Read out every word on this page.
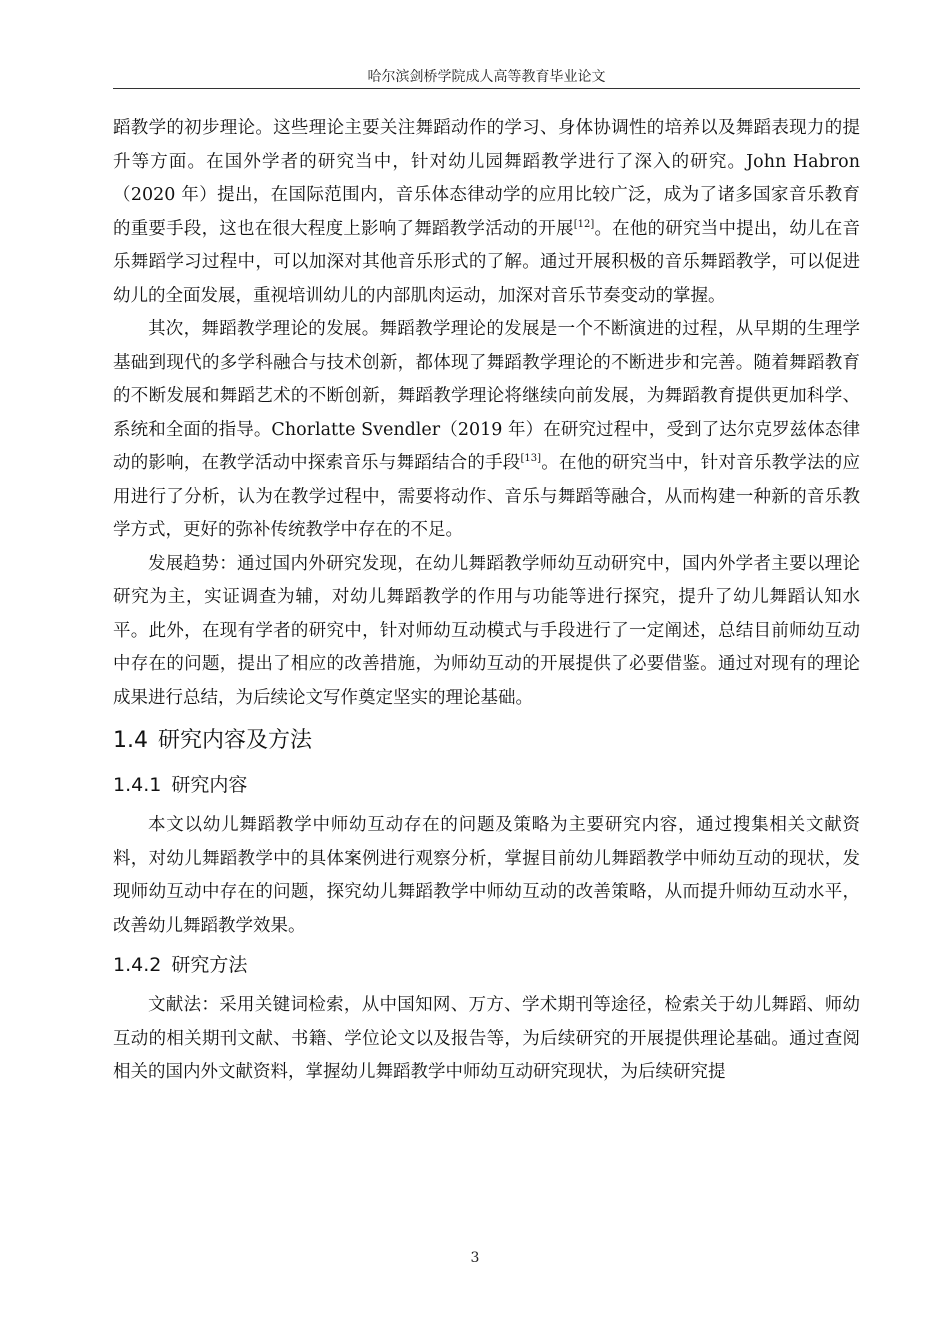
哈尔滨剑桥学院成人高等教育毕业论文

蹈教学的初步理论。这些理论主要关注舞蹈动作的学习、身体协调性的培养以及舞蹈表现力的提升等方面。在国外学者的研究当中，针对幼儿园舞蹈教学进行了深入的研究。John Habron（2020 年）提出，在国际范围内，音乐体态律动学的应用比较广泛，成为了诸多国家音乐教育的重要手段，这也在很大程度上影响了舞蹈教学活动的开展[12]。在他的研究当中提出，幼儿在音乐舞蹈学习过程中，可以加深对其他音乐形式的了解。通过开展积极的音乐舞蹈教学，可以促进幼儿的全面发展，重视培训幼儿的内部肌肉运动，加深对音乐节奏变动的掌握。

其次，舞蹈教学理论的发展。舞蹈教学理论的发展是一个不断演进的过程，从早期的生理学基础到现代的多学科融合与技术创新，都体现了舞蹈教学理论的不断进步和完善。随着舞蹈教育的不断发展和舞蹈艺术的不断创新，舞蹈教学理论将继续向前发展，为舞蹈教育提供更加科学、系统和全面的指导。Chorlatte Svendler（2019 年）在研究过程中，受到了达尔克罗兹体态律动的影响，在教学活动中探索音乐与舞蹈结合的手段[13]。在他的研究当中，针对音乐教学法的应用进行了分析，认为在教学过程中，需要将动作、音乐与舞蹈等融合，从而构建一种新的音乐教学方式，更好的弥补传统教学中存在的不足。

发展趋势：通过国内外研究发现，在幼儿舞蹈教学师幼互动研究中，国内外学者主要以理论研究为主，实证调查为辅，对幼儿舞蹈教学的作用与功能等进行探究，提升了幼儿舞蹈认知水平。此外，在现有学者的研究中，针对师幼互动模式与手段进行了一定阐述，总结目前师幼互动中存在的问题，提出了相应的改善措施，为师幼互动的开展提供了必要借鉴。通过对现有的理论成果进行总结，为后续论文写作奠定坚实的理论基础。

1.4 研究内容及方法
1.4.1 研究内容

本文以幼儿舞蹈教学中师幼互动存在的问题及策略为主要研究内容，通过搜集相关文献资料，对幼儿舞蹈教学中的具体案例进行观察分析，掌握目前幼儿舞蹈教学中师幼互动的现状，发现师幼互动中存在的问题，探究幼儿舞蹈教学中师幼互动的改善策略，从而提升师幼互动水平，改善幼儿舞蹈教学效果。

1.4.2 研究方法

文献法：采用关键词检索，从中国知网、万方、学术期刊等途径，检索关于幼儿舞蹈、师幼互动的相关期刊文献、书籍、学位论文以及报告等，为后续研究的开展提供理论基础。通过查阅相关的国内外文献资料，掌握幼儿舞蹈教学中师幼互动研究现状，为后续研究提

3
